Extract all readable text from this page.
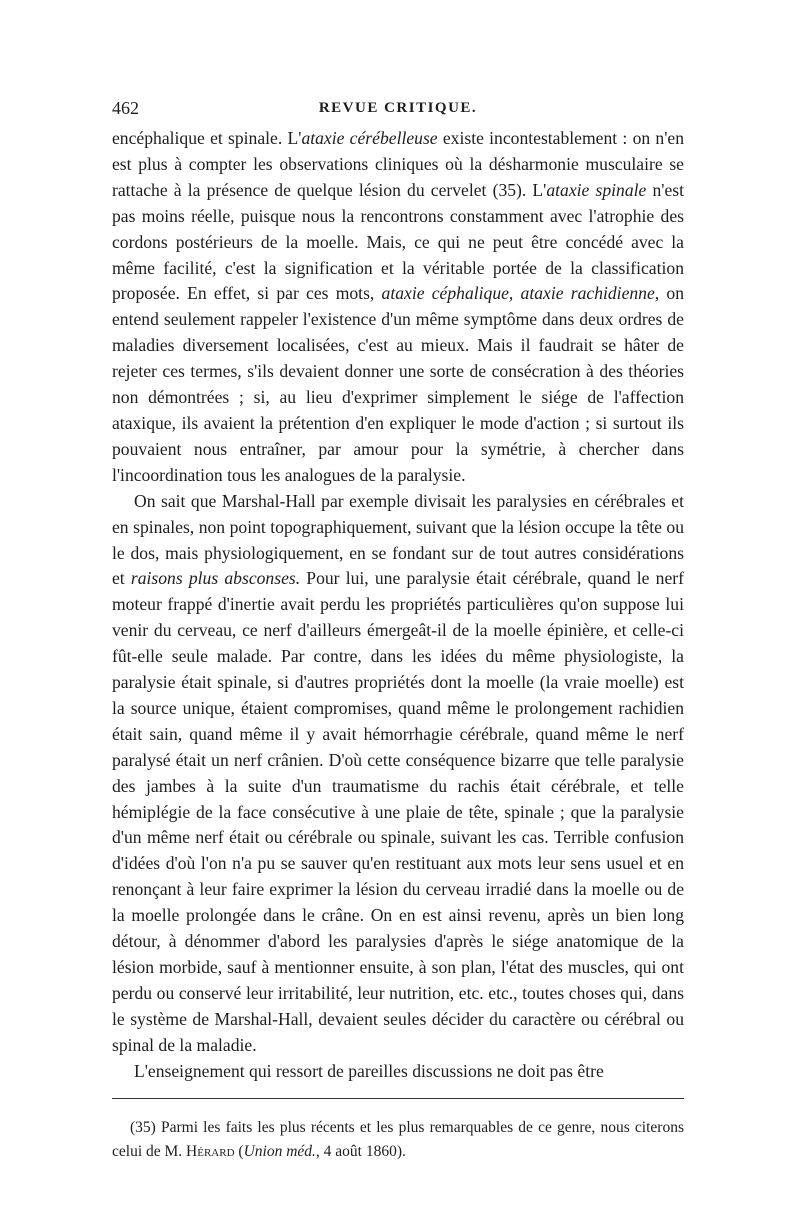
462	REVUE CRITIQUE.

encéphalique et spinale. L'ataxie cérébelleuse existe incontestablement : on n'en est plus à compter les observations cliniques où la désharmonie musculaire se rattache à la présence de quelque lésion du cervelet (35). L'ataxie spinale n'est pas moins réelle, puisque nous la rencontrons constamment avec l'atrophie des cordons postérieurs de la moelle. Mais, ce qui ne peut être concédé avec la même facilité, c'est la signification et la véritable portée de la classification proposée. En effet, si par ces mots, ataxie céphalique, ataxie rachidienne, on entend seulement rappeler l'existence d'un même symptôme dans deux ordres de maladies diversement localisées, c'est au mieux. Mais il faudrait se hâter de rejeter ces termes, s'ils devaient donner une sorte de consécration à des théories non démontrées ; si, au lieu d'exprimer simplement le siége de l'affection ataxique, ils avaient la prétention d'en expliquer le mode d'action ; si surtout ils pouvaient nous entraîner, par amour pour la symétrie, à chercher dans l'incoordination tous les analogues de la paralysie.

On sait que Marshal-Hall par exemple divisait les paralysies en cérébrales et en spinales, non point topographiquement, suivant que la lésion occupe la tête ou le dos, mais physiologiquement, en se fondant sur de tout autres considérations et raisons plus absconses. Pour lui, une paralysie était cérébrale, quand le nerf moteur frappé d'inertie avait perdu les propriétés particulières qu'on suppose lui venir du cerveau, ce nerf d'ailleurs émergeât-il de la moelle épinière, et celle-ci fût-elle seule malade. Par contre, dans les idées du même physiologiste, la paralysie était spinale, si d'autres propriétés dont la moelle (la vraie moelle) est la source unique, étaient compromises, quand même le prolongement rachidien était sain, quand même il y avait hémorrhagie cérébrale, quand même le nerf paralysé était un nerf crânien. D'où cette conséquence bizarre que telle paralysie des jambes à la suite d'un traumatisme du rachis était cérébrale, et telle hémiplégie de la face consécutive à une plaie de tête, spinale ; que la paralysie d'un même nerf était ou cérébrale ou spinale, suivant les cas. Terrible confusion d'idées d'où l'on n'a pu se sauver qu'en restituant aux mots leur sens usuel et en renonçant à leur faire exprimer la lésion du cerveau irradié dans la moelle ou de la moelle prolongée dans le crâne. On en est ainsi revenu, après un bien long détour, à dénommer d'abord les paralysies d'après le siége anatomique de la lésion morbide, sauf à mentionner ensuite, à son plan, l'état des muscles, qui ont perdu ou conservé leur irritabilité, leur nutrition, etc. etc., toutes choses qui, dans le système de Marshal-Hall, devaient seules décider du caractère ou cérébral ou spinal de la maladie.

L'enseignement qui ressort de pareilles discussions ne doit pas être

(35) Parmi les faits les plus récents et les plus remarquables de ce genre, nous citerons celui de M. Hérard (Union méd., 4 août 1860).
